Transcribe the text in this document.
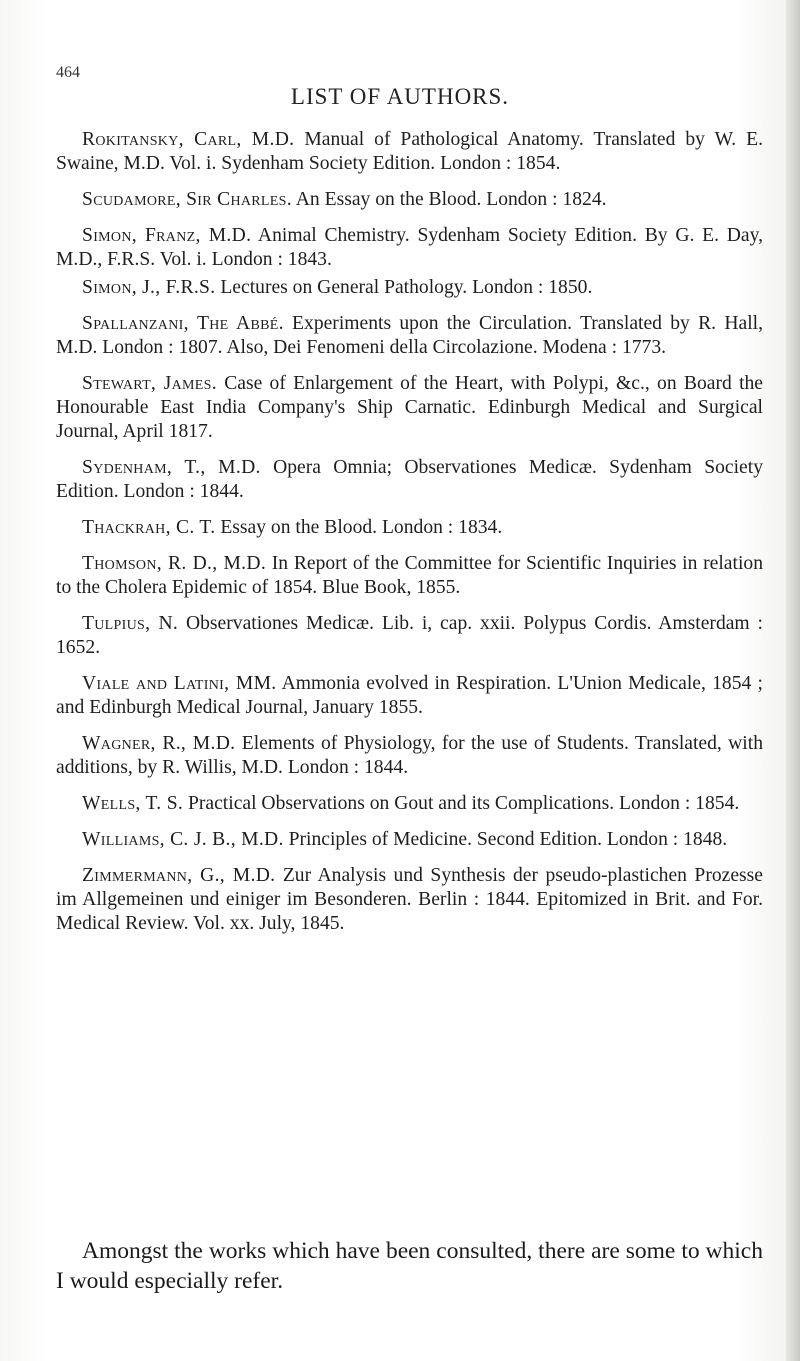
464
LIST OF AUTHORS.

Rokitansky, Carl, M.D. Manual of Pathological Anatomy. Translated by W. E. Swaine, M.D. Vol. i. Sydenham Society Edition. London : 1854.

Scudamore, Sir Charles. An Essay on the Blood. London : 1824.

Simon, Franz, M.D. Animal Chemistry. Sydenham Society Edition. By G. E. Day, M.D., F.R.S. Vol. i. London : 1843.

Simon, J., F.R.S. Lectures on General Pathology. London : 1850.

Spallanzani, The Abbé. Experiments upon the Circulation. Translated by R. Hall, M.D. London : 1807. Also, Dei Fenomeni della Circolazione. Modena : 1773.

Stewart, James. Case of Enlargement of the Heart, with Polypi, &c., on Board the Honourable East India Company's Ship Carnatic. Edinburgh Medical and Surgical Journal, April 1817.

Sydenham, T., M.D. Opera Omnia; Observationes Medicæ. Sydenham Society Edition. London : 1844.

Thackrah, C. T. Essay on the Blood. London : 1834.

Thomson, R. D., M.D. In Report of the Committee for Scientific Inquiries in relation to the Cholera Epidemic of 1854. Blue Book, 1855.

Tulpius, N. Observationes Medicæ. Lib. i, cap. xxii. Polypus Cordis. Amsterdam : 1652.

Viale and Latini, MM. Ammonia evolved in Respiration. L'Union Medicale, 1854 ; and Edinburgh Medical Journal, January 1855.

Wagner, R., M.D. Elements of Physiology, for the use of Students. Translated, with additions, by R. Willis, M.D. London : 1844.

Wells, T. S. Practical Observations on Gout and its Complications. London : 1854.

Williams, C. J. B., M.D. Principles of Medicine. Second Edition. London : 1848.

Zimmermann, G., M.D. Zur Analysis und Synthesis der pseudo-plastichen Prozesse im Allgemeinen und einiger im Besonderen. Berlin : 1844. Epitomized in Brit. and For. Medical Review. Vol. xx. July, 1845.

Amongst the works which have been consulted, there are some to which I would especially refer.
